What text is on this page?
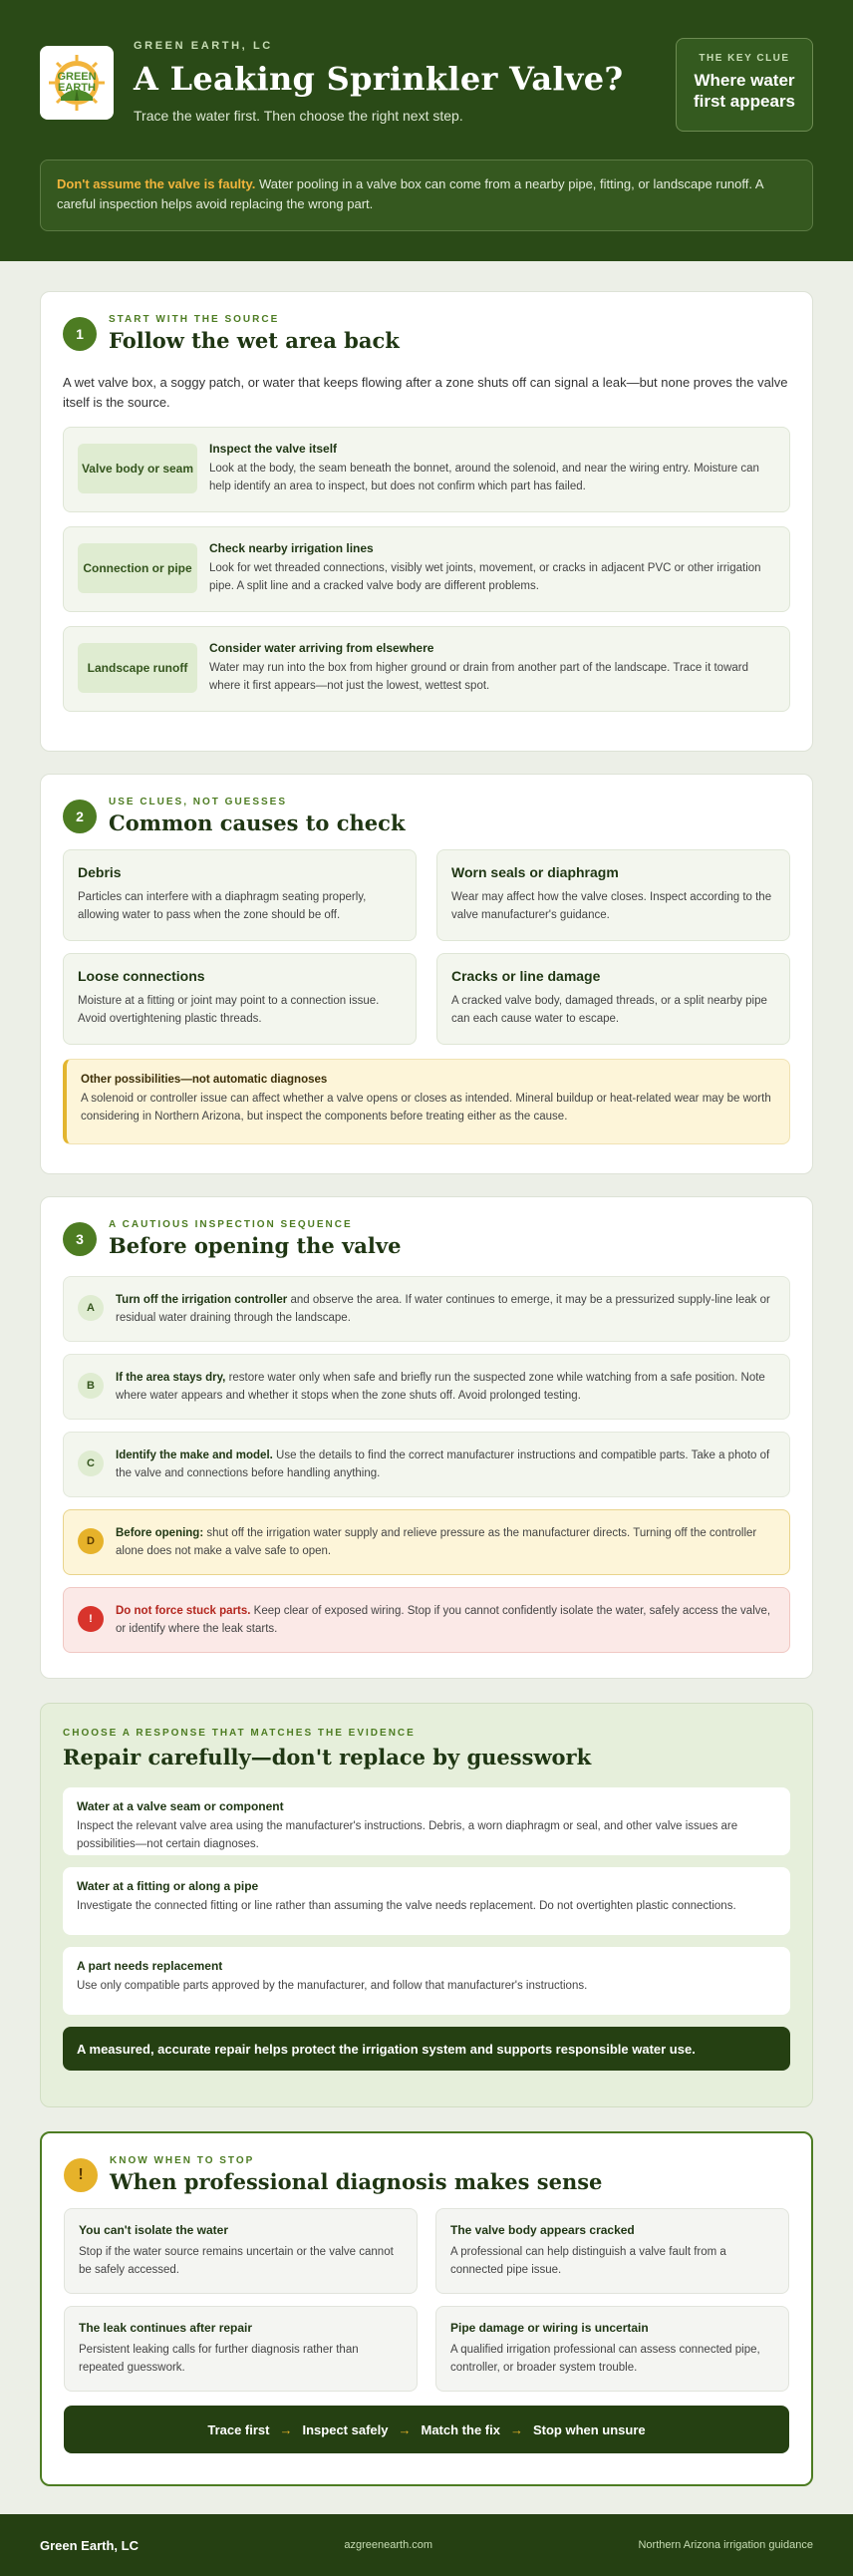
GREEN EARTH
GREEN EARTH, LC
A Leaking Sprinkler Valve?
Trace the water first. Then choose the right next step.
THE KEY CLUE
Where water first appears
Don't assume the valve is faulty. Water pooling in a valve box can come from a nearby pipe, fitting, or landscape runoff. A careful inspection helps avoid replacing the wrong part.
1
START WITH THE SOURCE
Follow the wet area back

A wet valve box, a soggy patch, or water that keeps flowing after a zone shuts off can signal a leak—but none proves the valve itself is the source.

Valve body or seam
Inspect the valve itself
Look at the body, the seam beneath the bonnet, around the solenoid, and near the wiring entry. Moisture can help identify an area to inspect, but does not confirm which part has failed.
Connection or pipe
Check nearby irrigation lines
Look for wet threaded connections, visibly wet joints, movement, or cracks in adjacent PVC or other irrigation pipe. A split line and a cracked valve body are different problems.
Landscape runoff
Consider water arriving from elsewhere
Water may run into the box from higher ground or drain from another part of the landscape. Trace it toward where it first appears—not just the lowest, wettest spot.
2
USE CLUES, NOT GUESSES
Common causes to check
Debris
Particles can interfere with a diaphragm seating properly, allowing water to pass when the zone should be off.
Worn seals or diaphragm
Wear may affect how the valve closes. Inspect according to the valve manufacturer's guidance.
Loose connections
Moisture at a fitting or joint may point to a connection issue. Avoid overtightening plastic threads.
Cracks or line damage
A cracked valve body, damaged threads, or a split nearby pipe can each cause water to escape.
Other possibilities—not automatic diagnoses
A solenoid or controller issue can affect whether a valve opens or closes as intended. Mineral buildup or heat-related wear may be worth considering in Northern Arizona, but inspect the components before treating either as the cause.
3
A CAUTIOUS INSPECTION SEQUENCE
Before opening the valve
A
Turn off the irrigation controller and observe the area. If water continues to emerge, it may be a pressurized supply-line leak or residual water draining through the landscape.
B
If the area stays dry, restore water only when safe and briefly run the suspected zone while watching from a safe position. Note where water appears and whether it stops when the zone shuts off. Avoid prolonged testing.
C
Identify the make and model. Use the details to find the correct manufacturer instructions and compatible parts. Take a photo of the valve and connections before handling anything.
D
Before opening: shut off the irrigation water supply and relieve pressure as the manufacturer directs. Turning off the controller alone does not make a valve safe to open.
!
Do not force stuck parts. Keep clear of exposed wiring. Stop if you cannot confidently isolate the water, safely access the valve, or identify where the leak starts.
CHOOSE A RESPONSE THAT MATCHES THE EVIDENCE
Repair carefully—don't replace by guesswork
Water at a valve seam or component
Inspect the relevant valve area using the manufacturer's instructions. Debris, a worn diaphragm or seal, and other valve issues are possibilities—not certain diagnoses.
Water at a fitting or along a pipe
Investigate the connected fitting or line rather than assuming the valve needs replacement. Do not overtighten plastic connections.
A part needs replacement
Use only compatible parts approved by the manufacturer, and follow that manufacturer's instructions.
A measured, accurate repair helps protect the irrigation system and supports responsible water use.
!
KNOW WHEN TO STOP
When professional diagnosis makes sense
You can't isolate the water
Stop if the water source remains uncertain or the valve cannot be safely accessed.
The valve body appears cracked
A professional can help distinguish a valve fault from a connected pipe issue.
The leak continues after repair
Persistent leaking calls for further diagnosis rather than repeated guesswork.
Pipe damage or wiring is uncertain
A qualified irrigation professional can assess connected pipe, controller, or broader system trouble.
Trace first → Inspect safely → Match the fix → Stop when unsure
Green Earth, LC	azgreenearth.com	Northern Arizona irrigation guidance
